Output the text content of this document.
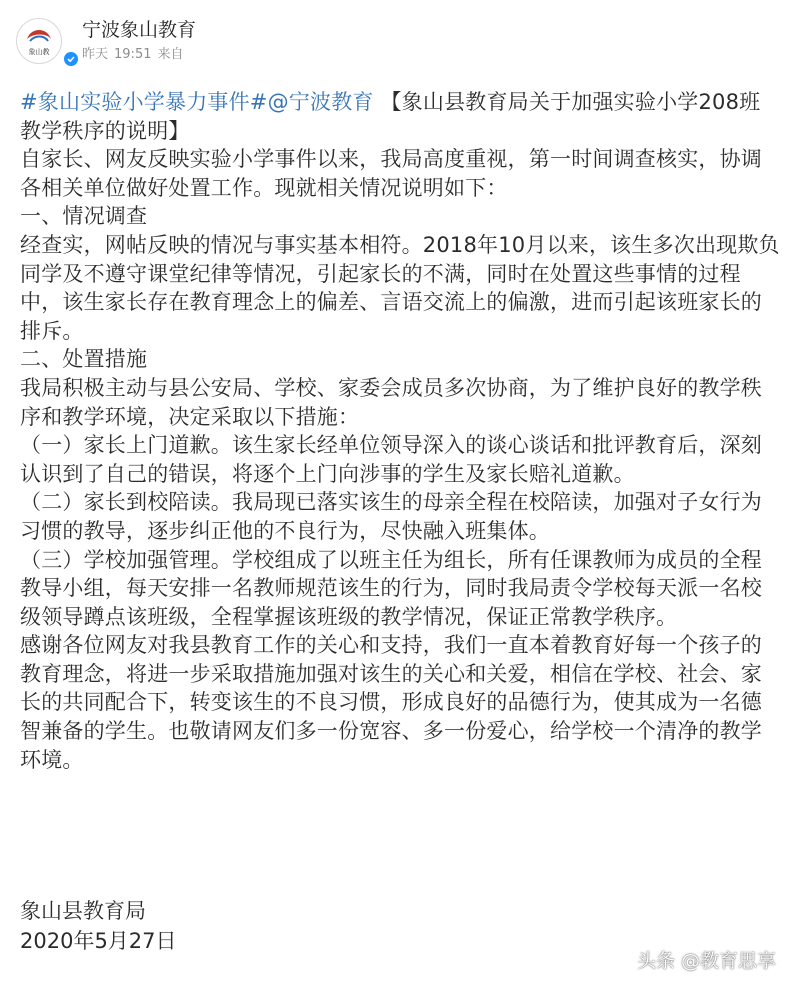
象山教
宁波象山教育
昨天 19:51 来自

#象山实验小学暴力事件#@宁波教育 【象山县教育局关于加强实验小学208班教学秩序的说明】

自家长、网友反映实验小学事件以来，我局高度重视，第一时间调查核实，协调各相关单位做好处置工作。现就相关情况说明如下：

一、情况调查

经查实，网帖反映的情况与事实基本相符。2018年10月以来，该生多次出现欺负同学及不遵守课堂纪律等情况，引起家长的不满，同时在处置这些事情的过程中，该生家长存在教育理念上的偏差、言语交流上的偏激，进而引起该班家长的排斥。

二、处置措施

我局积极主动与县公安局、学校、家委会成员多次协商，为了维护良好的教学秩序和教学环境，决定采取以下措施：

（一）家长上门道歉。该生家长经单位领导深入的谈心谈话和批评教育后，深刻认识到了自己的错误，将逐个上门向涉事的学生及家长赔礼道歉。

（二）家长到校陪读。我局现已落实该生的母亲全程在校陪读，加强对子女行为习惯的教导，逐步纠正他的不良行为，尽快融入班集体。

（三）学校加强管理。学校组成了以班主任为组长，所有任课教师为成员的全程教导小组，每天安排一名教师规范该生的行为，同时我局责令学校每天派一名校级领导蹲点该班级，全程掌握该班级的教学情况，保证正常教学秩序。

感谢各位网友对我县教育工作的关心和支持，我们一直本着教育好每一个孩子的教育理念，将进一步采取措施加强对该生的关心和关爱，相信在学校、社会、家长的共同配合下，转变该生的不良习惯，形成良好的品德行为，使其成为一名德智兼备的学生。也敬请网友们多一份宽容、多一份爱心，给学校一个清净的教学环境。

象山县教育局
2020年5月27日
头条 @教育思享
